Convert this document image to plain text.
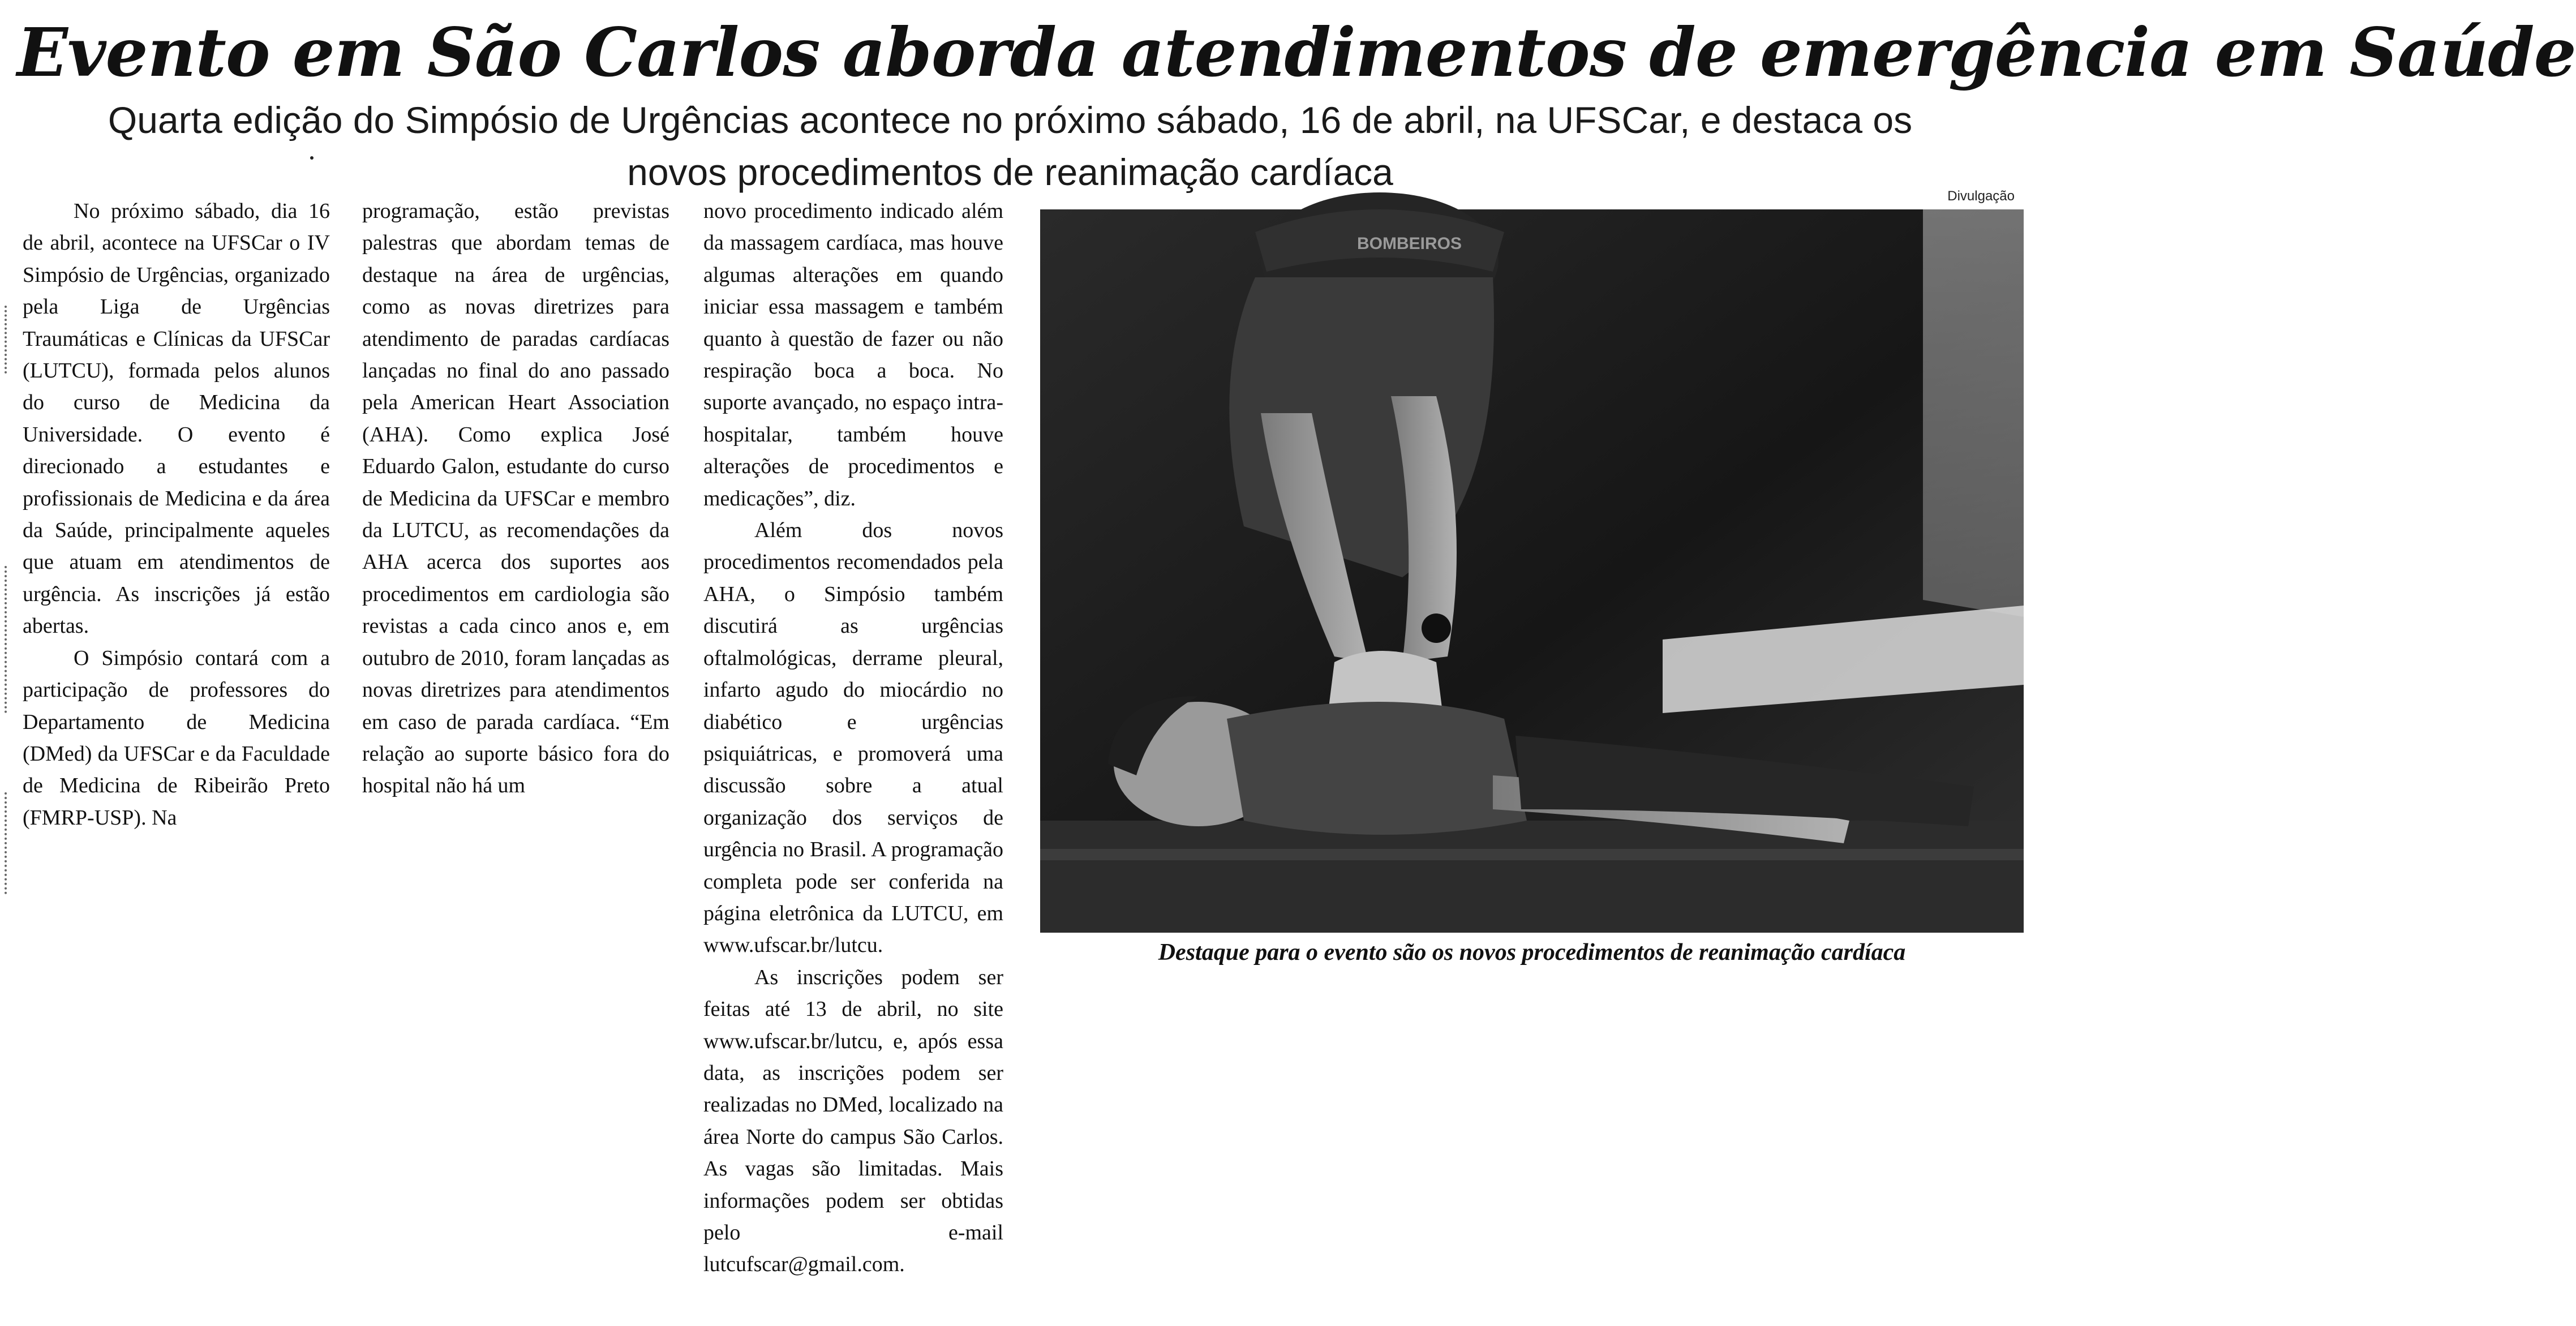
Evento em São Carlos aborda atendimentos de emergência em Saúde
Quarta edição do Simpósio de Urgências acontece no próximo sábado, 16 de abril, na UFSCar, e destaca os novos procedimentos de reanimação cardíaca

No próximo sábado, dia 16 de abril, acontece na UFSCar o IV Simpósio de Urgências, organizado pela Liga de Urgências Traumáticas e Clínicas da UFSCar (LUTCU), formada pelos alunos do curso de Medicina da Universidade. O evento é direcionado a estudantes e profissionais de Medicina e da área da Saúde, principalmente aqueles que atuam em atendimentos de urgência. As inscrições já estão abertas.

O Simpósio contará com a participação de professores do Departamento de Medicina (DMed) da UFSCar e da Faculdade de Medicina de Ribeirão Preto (FMRP-USP). Na

programação, estão previstas palestras que abordam temas de destaque na área de urgências, como as novas diretrizes para atendimento de paradas cardíacas lançadas no final do ano passado pela American Heart Association (AHA). Como explica José Eduardo Galon, estudante do curso de Medicina da UFSCar e membro da LUTCU, as recomendações da AHA acerca dos suportes aos procedimentos em cardiologia são revistas a cada cinco anos e, em outubro de 2010, foram lançadas as novas diretrizes para atendimentos em caso de parada cardíaca. “Em relação ao suporte básico fora do hospital não há um

novo procedimento indicado além da massagem cardíaca, mas houve algumas alterações em quando iniciar essa massagem e também quanto à questão de fazer ou não respiração boca a boca. No suporte avançado, no espaço intra-hospitalar, também houve alterações de procedimentos e medicações”, diz.

Além dos novos procedimentos recomendados pela AHA, o Simpósio também discutirá as urgências oftalmológicas, derrame pleural, infarto agudo do miocárdio no diabético e urgências psiquiátricas, e promoverá uma discussão sobre a atual organização dos serviços de urgência no Brasil. A programação completa pode ser conferida na página eletrônica da LUTCU, em www.ufscar.br/lutcu.

As inscrições podem ser feitas até 13 de abril, no site www.ufscar.br/lutcu, e, após essa data, as inscrições podem ser realizadas no DMed, localizado na área Norte do campus São Carlos. As vagas são limitadas. Mais informações podem ser obtidas pelo e-mail lutcufscar@gmail.com.

Divulgação
BOMBEIROS

Destaque para o evento são os novos procedimentos de reanimação cardíaca
